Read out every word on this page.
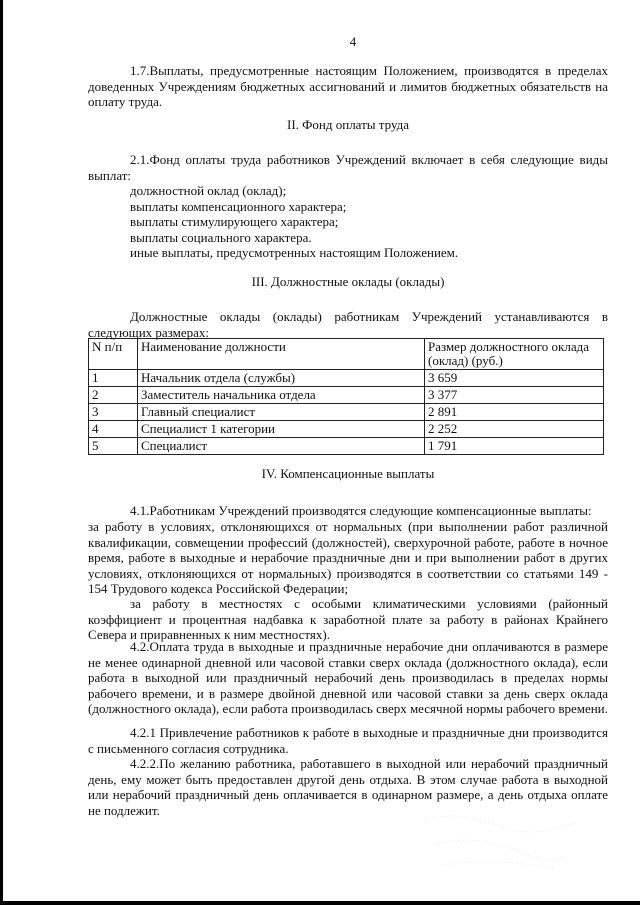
4

1.7.Выплаты, предусмотренные настоящим Положением, производятся в пределах доведенных Учреждениям бюджетных ассигнований и лимитов бюджетных обязательств на оплату труда.

II. Фонд оплаты труда

2.1.Фонд оплаты труда работников Учреждений включает в себя следующие виды выплат:

должностной оклад (оклад);
выплаты компенсационного характера;
выплаты стимулирующего характера;
выплаты социального характера.
иные выплаты, предусмотренных настоящим Положением.
III. Должностные оклады (оклады)

Должностные оклады (оклады) работникам Учреждений устанавливаются в следующих размерах:

N п/п	Наименование должности	Размер должностного оклада (оклад) (руб.)
1	Начальник отдела (службы)	3 659
2	Заместитель начальника отдела	3 377
3	Главный специалист	2 891
4	Специалист 1 категории	2 252
5	Специалист	1 791
IV. Компенсационные выплаты

4.1.Работникам Учреждений производятся следующие компенсационные выплаты:

за работу в условиях, отклоняющихся от нормальных (при выполнении работ различной квалификации, совмещении профессий (должностей), сверхурочной работе, работе в ночное время, работе в выходные и нерабочие праздничные дни и при выполнении работ в других условиях, отклоняющихся от нормальных) производятся в соответствии со статьями 149 - 154 Трудового кодекса Российской Федерации;

за работу в местностях с особыми климатическими условиями (районный коэффициент и процентная надбавка к заработной плате за работу в районах Крайнего Севера и приравненных к ним местностях).

4.2.Оплата труда в выходные и праздничные нерабочие дни оплачиваются в размере не менее одинарной дневной или часовой ставки сверх оклада (должностного оклада), если работа в выходной или праздничный нерабочий день производилась в пределах нормы рабочего времени, и в размере двойной дневной или часовой ставки за день сверх оклада (должностного оклада), если работа производилась сверх месячной нормы рабочего времени.

4.2.1 Привлечение работников к работе в выходные и праздничные дни производится с письменного согласия сотрудника.

4.2.2.По желанию работника, работавшего в выходной или нерабочий праздничный день, ему может быть предоставлен другой день отдыха. В этом случае работа в выходной или нерабочий праздничный день оплачивается в одинарном размере, а день отдыха оплате не подлежит.
